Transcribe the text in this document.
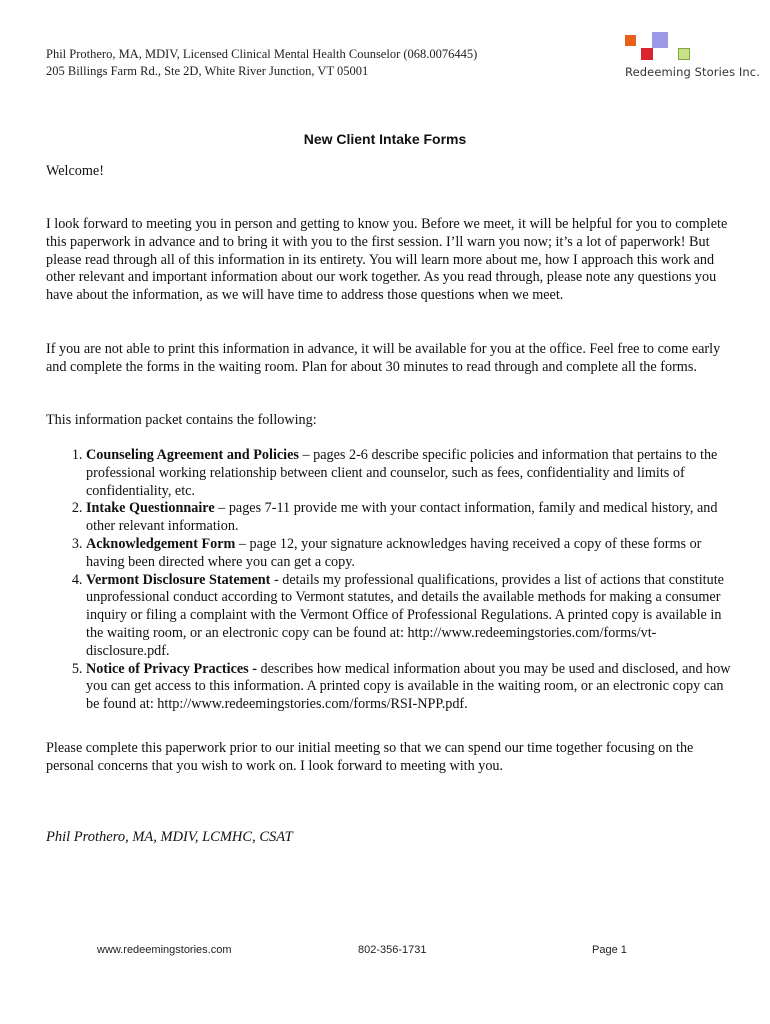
Phil Prothero, MA, MDIV, Licensed Clinical Mental Health Counselor (068.0076445)
205 Billings Farm Rd., Ste 2D, White River Junction, VT 05001	Redeeming Stories Inc.
New Client Intake Forms

Welcome!

I look forward to meeting you in person and getting to know you. Before we meet, it will be helpful for you to complete this paperwork in advance and to bring it with you to the first session. I’ll warn you now; it’s a lot of paperwork! But please read through all of this information in its entirety. You will learn more about me, how I approach this work and other relevant and important information about our work together. As you read through, please note any questions you have about the information, as we will have time to address those questions when we meet.

If you are not able to print this information in advance, it will be available for you at the office. Feel free to come early and complete the forms in the waiting room. Plan for about 30 minutes to read through and complete all the forms.

This information packet contains the following:

1. Counseling Agreement and Policies – pages 2-6 describe specific policies and information that pertains to the professional working relationship between client and counselor, such as fees, confidentiality and limits of confidentiality, etc.
2. Intake Questionnaire – pages 7-11 provide me with your contact information, family and medical history, and other relevant information.
3. Acknowledgement Form – page 12, your signature acknowledges having received a copy of these forms or having been directed where you can get a copy.
4. Vermont Disclosure Statement - details my professional qualifications, provides a list of actions that constitute unprofessional conduct according to Vermont statutes, and details the available methods for making a consumer inquiry or filing a complaint with the Vermont Office of Professional Regulations. A printed copy is available in the waiting room, or an electronic copy can be found at: http://www.redeemingstories.com/forms/vt-disclosure.pdf.
5. Notice of Privacy Practices - describes how medical information about you may be used and disclosed, and how you can get access to this information. A printed copy is available in the waiting room, or an electronic copy can be found at: http://www.redeemingstories.com/forms/RSI-NPP.pdf.

Please complete this paperwork prior to our initial meeting so that we can spend our time together focusing on the personal concerns that you wish to work on. I look forward to meeting with you.

Phil Prothero, MA, MDIV, LCMHC, CSAT
www.redeemingstories.com	802-356-1731	Page 1
